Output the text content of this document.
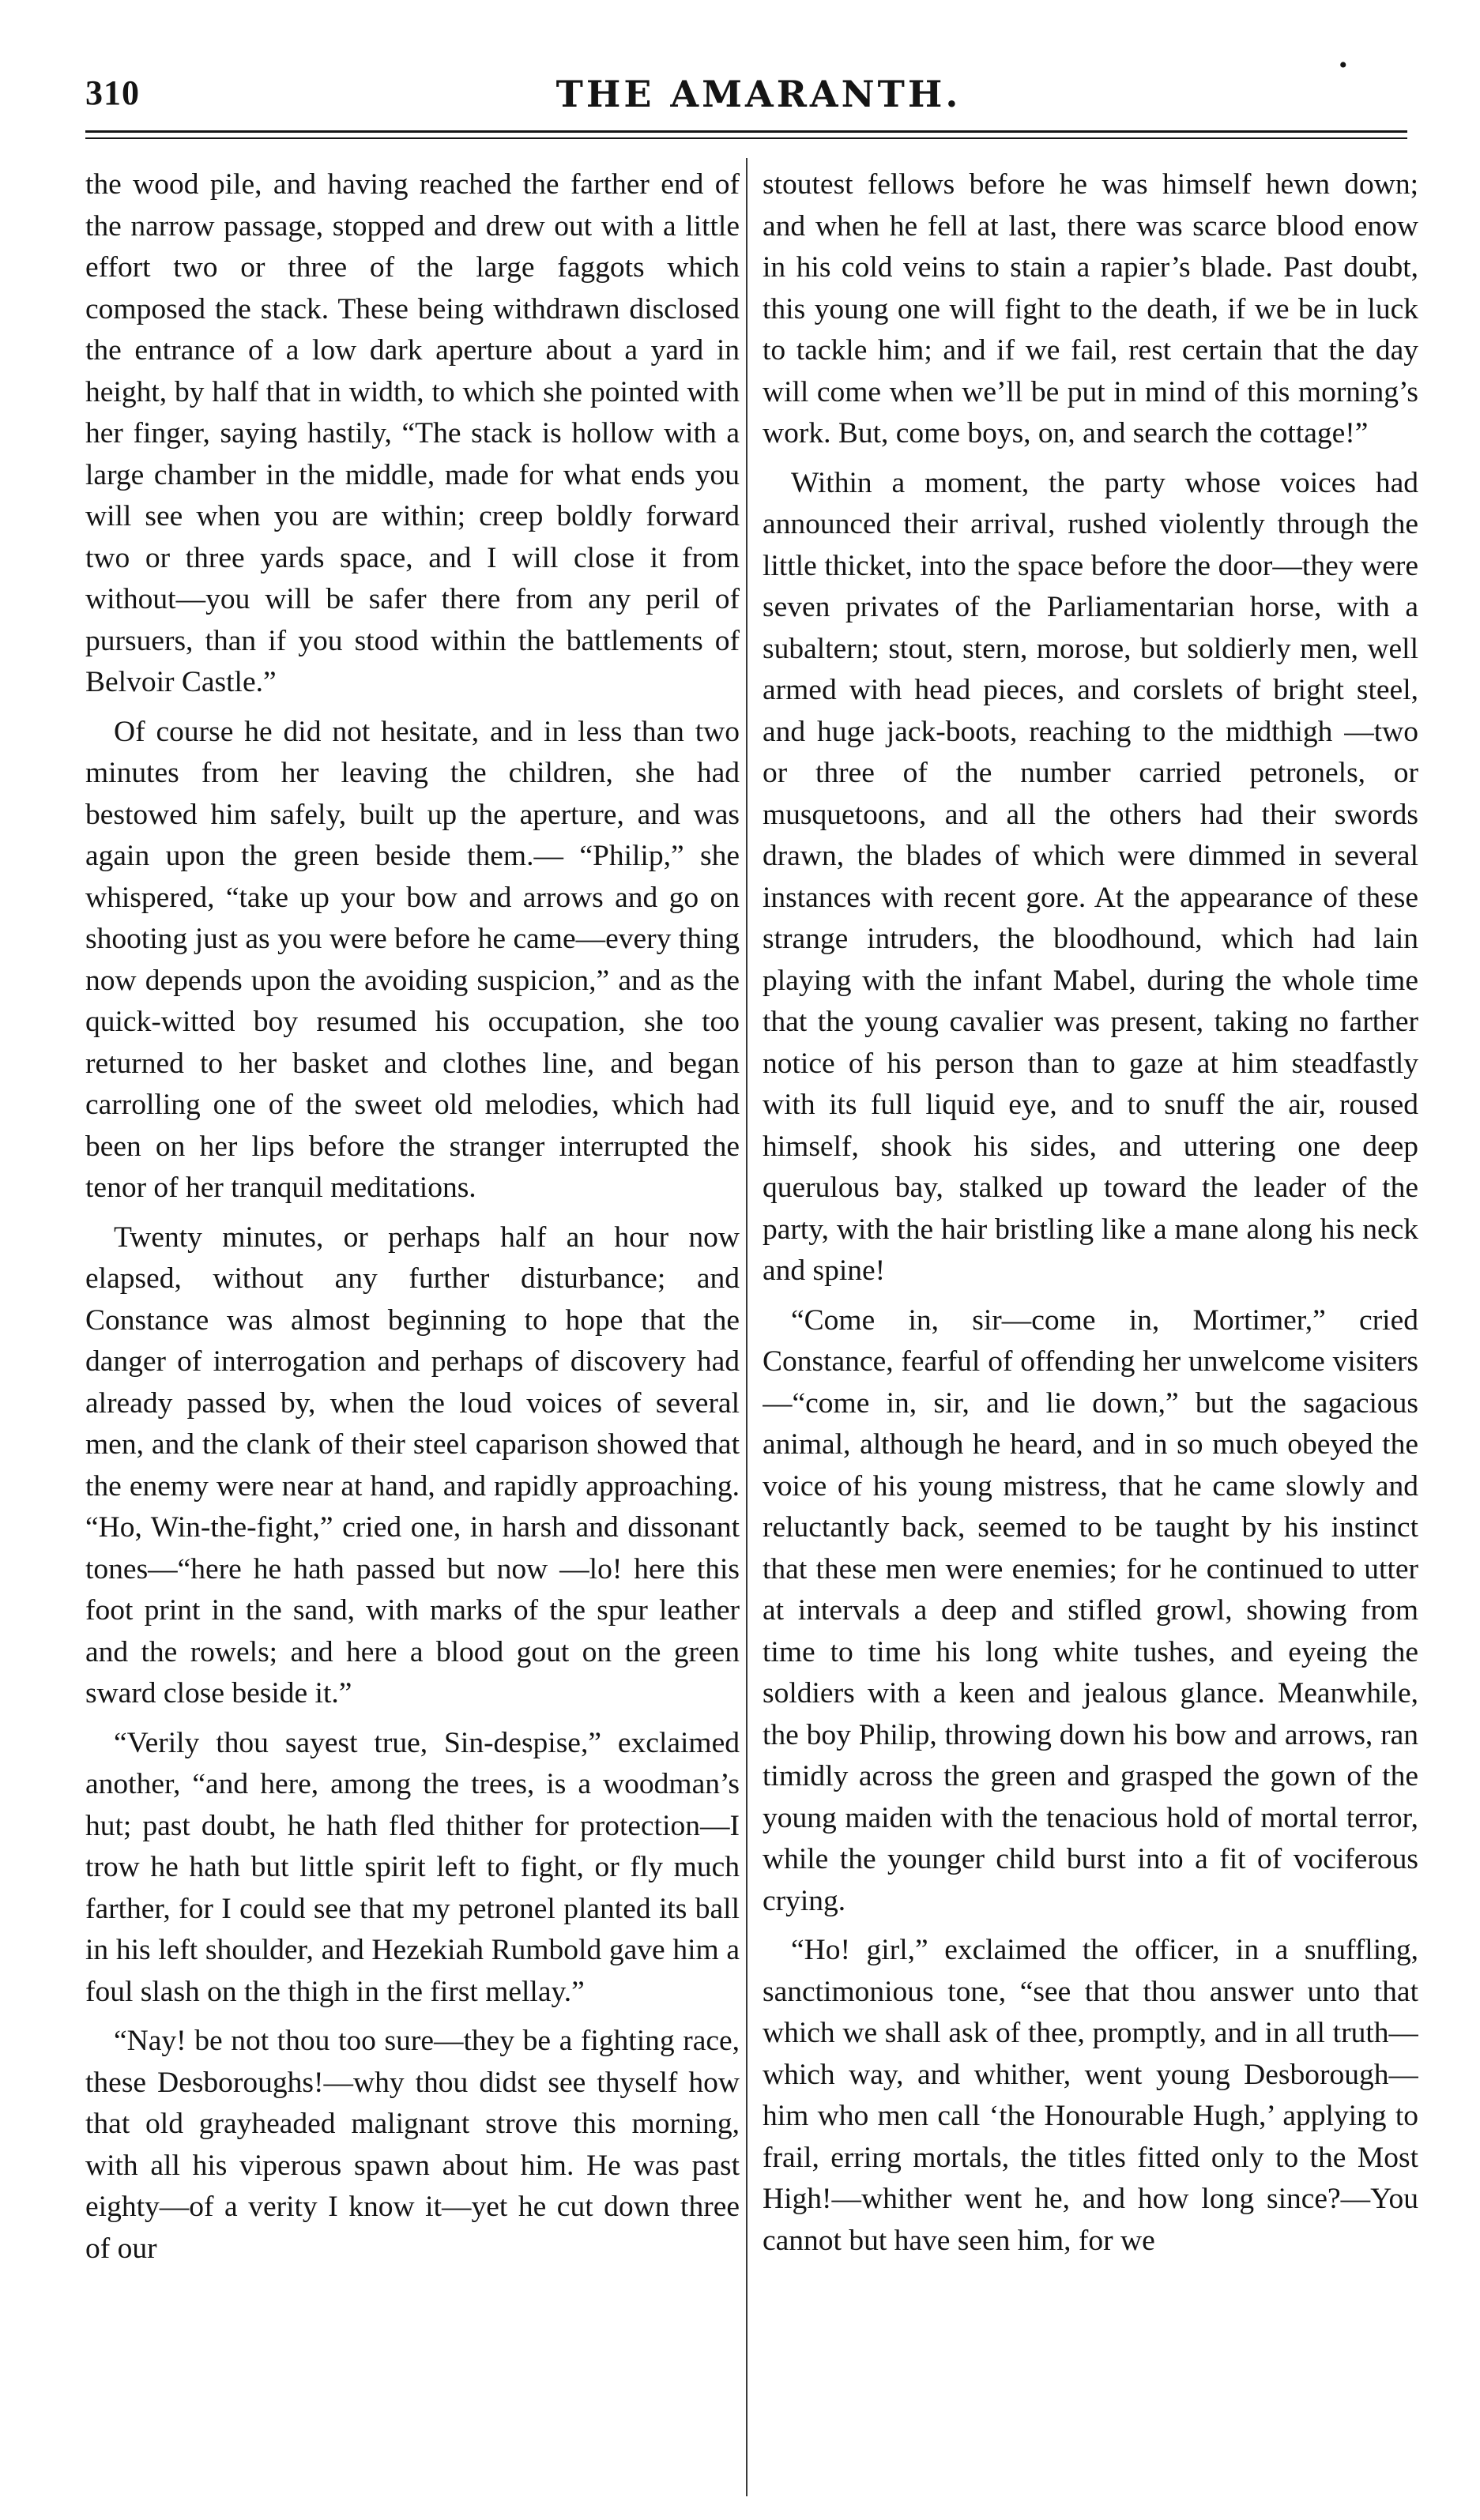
310	THE AMARANTH.
•

the wood pile, and having reached the farther end of the narrow passage, stopped and drew out with a little effort two or three of the large faggots which composed the stack. These being withdrawn disclosed the entrance of a low dark aperture about a yard in height, by half that in width, to which she pointed with her finger, saying hastily, “The stack is hollow with a large chamber in the middle, made for what ends you will see when you are within; creep boldly forward two or three yards space, and I will close it from without—you will be safer there from any peril of pursuers, than if you stood within the battlements of Belvoir Castle.”

Of course he did not hesitate, and in less than two minutes from her leaving the children, she had bestowed him safely, built up the aperture, and was again upon the green beside them.— “Philip,” she whispered, “take up your bow and arrows and go on shooting just as you were before he came—every thing now depends upon the avoiding suspicion,” and as the quick-witted boy resumed his occupation, she too returned to her basket and clothes line, and began carrolling one of the sweet old melodies, which had been on her lips before the stranger interrupted the tenor of her tranquil meditations.

Twenty minutes, or perhaps half an hour now elapsed, without any further disturbance; and Constance was almost beginning to hope that the danger of interrogation and perhaps of discovery had already passed by, when the loud voices of several men, and the clank of their steel caparison showed that the enemy were near at hand, and rapidly approaching. “Ho, Win-the-fight,” cried one, in harsh and dissonant tones—“here he hath passed but now —lo! here this foot print in the sand, with marks of the spur leather and the rowels; and here a blood gout on the green sward close beside it.”

“Verily thou sayest true, Sin-despise,” exclaimed another, “and here, among the trees, is a woodman’s hut; past doubt, he hath fled thither for protection—I trow he hath but little spirit left to fight, or fly much farther, for I could see that my petronel planted its ball in his left shoulder, and Hezekiah Rumbold gave him a foul slash on the thigh in the first mellay.”

“Nay! be not thou too sure—they be a fighting race, these Desboroughs!—why thou didst see thyself how that old grayheaded malignant strove this morning, with all his viperous spawn about him. He was past eighty—of a verity I know it—yet he cut down three of our

stoutest fellows before he was himself hewn down; and when he fell at last, there was scarce blood enow in his cold veins to stain a rapier’s blade. Past doubt, this young one will fight to the death, if we be in luck to tackle him; and if we fail, rest certain that the day will come when we’ll be put in mind of this morning’s work. But, come boys, on, and search the cottage!”

Within a moment, the party whose voices had announced their arrival, rushed violently through the little thicket, into the space before the door—they were seven privates of the Parliamentarian horse, with a subaltern; stout, stern, morose, but soldierly men, well armed with head pieces, and corslets of bright steel, and huge jack-boots, reaching to the midthigh —two or three of the number carried petronels, or musquetoons, and all the others had their swords drawn, the blades of which were dimmed in several instances with recent gore. At the appearance of these strange intruders, the bloodhound, which had lain playing with the infant Mabel, during the whole time that the young cavalier was present, taking no farther notice of his person than to gaze at him steadfastly with its full liquid eye, and to snuff the air, roused himself, shook his sides, and uttering one deep querulous bay, stalked up toward the leader of the party, with the hair bristling like a mane along his neck and spine!

“Come in, sir—come in, Mortimer,” cried Constance, fearful of offending her unwelcome visiters—“come in, sir, and lie down,” but the sagacious animal, although he heard, and in so much obeyed the voice of his young mistress, that he came slowly and reluctantly back, seemed to be taught by his instinct that these men were enemies; for he continued to utter at intervals a deep and stifled growl, showing from time to time his long white tushes, and eyeing the soldiers with a keen and jealous glance. Meanwhile, the boy Philip, throwing down his bow and arrows, ran timidly across the green and grasped the gown of the young maiden with the tenacious hold of mortal terror, while the younger child burst into a fit of vociferous crying.

“Ho! girl,” exclaimed the officer, in a snuffling, sanctimonious tone, “see that thou answer unto that which we shall ask of thee, promptly, and in all truth—which way, and whither, went young Desborough—him who men call ‘the Honourable Hugh,’ applying to frail, erring mortals, the titles fitted only to the Most High!—whither went he, and how long since?—You cannot but have seen him, for we
